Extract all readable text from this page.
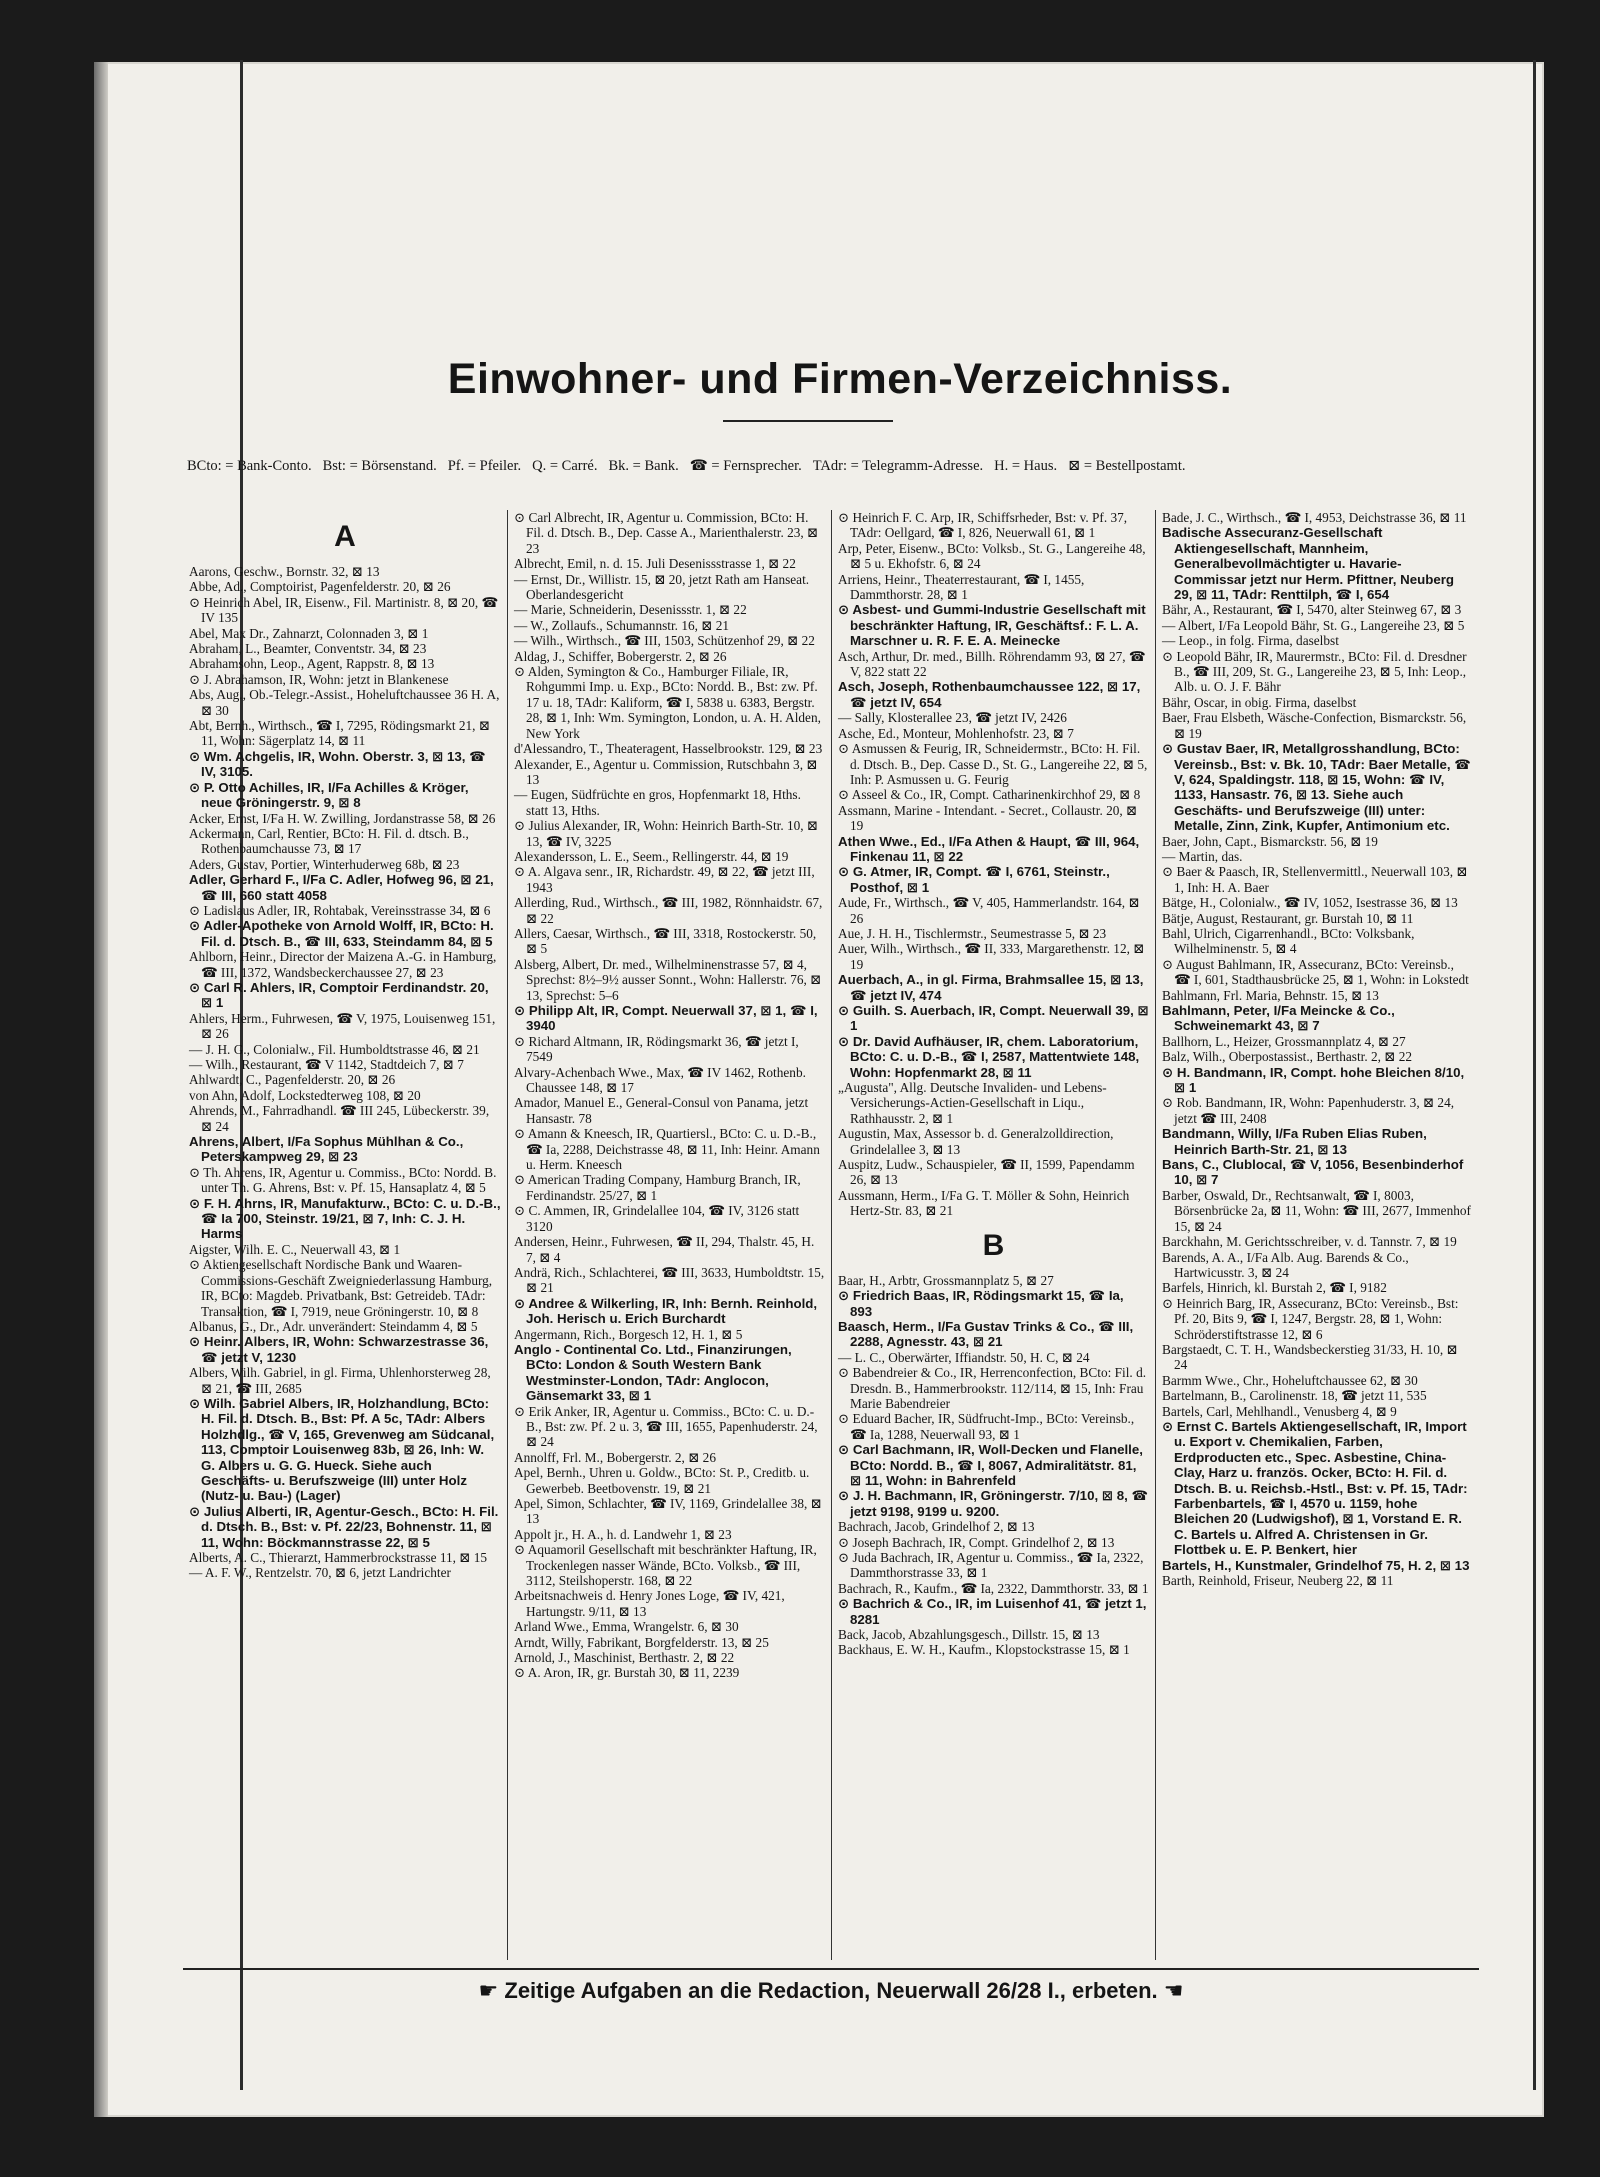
Einwohner- und Firmen-Verzeichniss.
BCto: = Bank-Conto. Bst: = Börsenstand. Pf. = Pfeiler. Q. = Carré. Bk. = Bank. ☎ = Fernsprecher. TAdr: = Telegramm-Adresse. H. = Haus. ⊠ = Bestellpostamt.
A

Aarons, Geschw., Bornstr. 32, ⊠ 13

Abbe, Ad., Comptoirist, Pagenfelderstr. 20, ⊠ 26

⊙ Heinrich Abel, IR, Eisenw., Fil. Martinistr. 8, ⊠ 20, ☎ IV 135

Abel, Max Dr., Zahnarzt, Colonnaden 3, ⊠ 1

Abraham, L., Beamter, Conventstr. 34, ⊠ 23

Abrahamsohn, Leop., Agent, Rappstr. 8, ⊠ 13

⊙ J. Abrahamson, IR, Wohn: jetzt in Blankenese

Abs, Aug., Ob.-Telegr.-Assist., Hoheluftchaussee 36 H. A, ⊠ 30

Abt, Bernh., Wirthsch., ☎ I, 7295, Rödingsmarkt 21, ⊠ 11, Wohn: Sägerplatz 14, ⊠ 11

⊙ Wm. Achgelis, IR, Wohn. Oberstr. 3, ⊠ 13, ☎ IV, 3105.

⊙ P. Otto Achilles, IR, I/Fa Achilles & Kröger, neue Gröningerstr. 9, ⊠ 8

Acker, Ernst, I/Fa H. W. Zwilling, Jordanstrasse 58, ⊠ 26

Ackermann, Carl, Rentier, BCto: H. Fil. d. dtsch. B., Rothenbaumchausse 73, ⊠ 17

Aders, Gustav, Portier, Winterhuderweg 68b, ⊠ 23

Adler, Gerhard F., I/Fa C. Adler, Hofweg 96, ⊠ 21, ☎ III, 660 statt 4058

⊙ Ladislaus Adler, IR, Rohtabak, Vereinsstrasse 34, ⊠ 6

⊙ Adler-Apotheke von Arnold Wolff, IR, BCto: H. Fil. d. Dtsch. B., ☎ III, 633, Steindamm 84, ⊠ 5

Ahlborn, Heinr., Director der Maizena A.-G. in Hamburg, ☎ III, 1372, Wandsbeckerchaussee 27, ⊠ 23

⊙ Carl R. Ahlers, IR, Comptoir Ferdinandstr. 20, ⊠ 1

Ahlers, Herm., Fuhrwesen, ☎ V, 1975, Louisenweg 151, ⊠ 26

— J. H. G., Colonialw., Fil. Humboldtstrasse 46, ⊠ 21

— Wilh., Restaurant, ☎ V 1142, Stadtdeich 7, ⊠ 7

Ahlwardt, C., Pagenfelderstr. 20, ⊠ 26

von Ahn, Adolf, Lockstedterweg 108, ⊠ 20

Ahrends, M., Fahrradhandl. ☎ III 245, Lübeckerstr. 39, ⊠ 24

Ahrens, Albert, I/Fa Sophus Mühlhan & Co., Peterskampweg 29, ⊠ 23

⊙ Th. Ahrens, IR, Agentur u. Commiss., BCto: Nordd. B. unter Th. G. Ahrens, Bst: v. Pf. 15, Hansaplatz 4, ⊠ 5

⊙ F. H. Ahrns, IR, Manufakturw., BCto: C. u. D.-B., ☎ Ia 700, Steinstr. 19/21, ⊠ 7, Inh: C. J. H. Harms

Aigster, Wilh. E. C., Neuerwall 43, ⊠ 1

⊙ Aktiengesellschaft Nordische Bank und Waaren-Commissions-Geschäft Zweigniederlassung Hamburg, IR, BCto: Magdeb. Privatbank, Bst: Getreideb. TAdr: Transaktion, ☎ I, 7919, neue Gröningerstr. 10, ⊠ 8

Albanus, G., Dr., Adr. unverändert: Steindamm 4, ⊠ 5

⊙ Heinr. Albers, IR, Wohn: Schwarzestrasse 36, ☎ jetzt V, 1230

Albers, Wilh. Gabriel, in gl. Firma, Uhlenhorsterweg 28, ⊠ 21, ☎ III, 2685

⊙ Wilh. Gabriel Albers, IR, Holzhandlung, BCto: H. Fil. d. Dtsch. B., Bst: Pf. A 5c, TAdr: Albers Holzhdlg., ☎ V, 165, Grevenweg am Südcanal, 113, Comptoir Louisenweg 83b, ⊠ 26, Inh: W. G. Albers u. G. G. Hueck. Siehe auch Geschäfts- u. Berufszweige (III) unter Holz (Nutz- u. Bau-) (Lager)

⊙ Julius Alberti, IR, Agentur-Gesch., BCto: H. Fil. d. Dtsch. B., Bst: v. Pf. 22/23, Bohnenstr. 11, ⊠ 11, Wohn: Böckmannstrasse 22, ⊠ 5

Alberts, A. C., Thierarzt, Hammerbrockstrasse 11, ⊠ 15

— A. F. W., Rentzelstr. 70, ⊠ 6, jetzt Landrichter

⊙ Carl Albrecht, IR, Agentur u. Commission, BCto: H. Fil. d. Dtsch. B., Dep. Casse A., Marienthalerstr. 23, ⊠ 23

Albrecht, Emil, n. d. 15. Juli Desenissstrasse 1, ⊠ 22

— Ernst, Dr., Willistr. 15, ⊠ 20, jetzt Rath am Hanseat. Oberlandesgericht

— Marie, Schneiderin, Desenissstr. 1, ⊠ 22

— W., Zollaufs., Schumannstr. 16, ⊠ 21

— Wilh., Wirthsch., ☎ III, 1503, Schützenhof 29, ⊠ 22

Aldag, J., Schiffer, Bobergerstr. 2, ⊠ 26

⊙ Alden, Symington & Co., Hamburger Filiale, IR, Rohgummi Imp. u. Exp., BCto: Nordd. B., Bst: zw. Pf. 17 u. 18, TAdr: Kaliform, ☎ I, 5838 u. 6383, Bergstr. 28, ⊠ 1, Inh: Wm. Symington, London, u. A. H. Alden, New York

d'Alessandro, T., Theateragent, Hasselbrookstr. 129, ⊠ 23

Alexander, E., Agentur u. Commission, Rutschbahn 3, ⊠ 13

— Eugen, Südfrüchte en gros, Hopfenmarkt 18, Hths. statt 13, Hths.

⊙ Julius Alexander, IR, Wohn: Heinrich Barth-Str. 10, ⊠ 13, ☎ IV, 3225

Alexandersson, L. E., Seem., Rellingerstr. 44, ⊠ 19

⊙ A. Algava senr., IR, Richardstr. 49, ⊠ 22, ☎ jetzt III, 1943

Allerding, Rud., Wirthsch., ☎ III, 1982, Rönnhaidstr. 67, ⊠ 22

Allers, Caesar, Wirthsch., ☎ III, 3318, Rostockerstr. 50, ⊠ 5

Alsberg, Albert, Dr. med., Wilhelminenstrasse 57, ⊠ 4, Sprechst: 8½–9½ ausser Sonnt., Wohn: Hallerstr. 76, ⊠ 13, Sprechst: 5–6

⊙ Philipp Alt, IR, Compt. Neuerwall 37, ⊠ 1, ☎ I, 3940

⊙ Richard Altmann, IR, Rödingsmarkt 36, ☎ jetzt I, 7549

Alvary-Achenbach Wwe., Max, ☎ IV 1462, Rothenb. Chaussee 148, ⊠ 17

Amador, Manuel E., General-Consul von Panama, jetzt Hansastr. 78

⊙ Amann & Kneesch, IR, Quartiersl., BCto: C. u. D.-B., ☎ Ia, 2288, Deichstrasse 48, ⊠ 11, Inh: Heinr. Amann u. Herm. Kneesch

⊙ American Trading Company, Hamburg Branch, IR, Ferdinandstr. 25/27, ⊠ 1

⊙ C. Ammen, IR, Grindelallee 104, ☎ IV, 3126 statt 3120

Andersen, Heinr., Fuhrwesen, ☎ II, 294, Thalstr. 45, H. 7, ⊠ 4

Andrä, Rich., Schlachterei, ☎ III, 3633, Humboldtstr. 15, ⊠ 21

⊙ Andree & Wilkerling, IR, Inh: Bernh. Reinhold, Joh. Herisch u. Erich Burchardt

Angermann, Rich., Borgesch 12, H. 1, ⊠ 5

Anglo - Continental Co. Ltd., Finanzirungen, BCto: London & South Western Bank Westminster-London, TAdr: Anglocon, Gänsemarkt 33, ⊠ 1

⊙ Erik Anker, IR, Agentur u. Commiss., BCto: C. u. D.-B., Bst: zw. Pf. 2 u. 3, ☎ III, 1655, Papenhuderstr. 24, ⊠ 24

Annolff, Frl. M., Bobergerstr. 2, ⊠ 26

Apel, Bernh., Uhren u. Goldw., BCto: St. P., Creditb. u. Gewerbeb. Beetbovenstr. 19, ⊠ 21

Apel, Simon, Schlachter, ☎ IV, 1169, Grindelallee 38, ⊠ 13

Appolt jr., H. A., h. d. Landwehr 1, ⊠ 23

⊙ Aquamoril Gesellschaft mit beschränkter Haftung, IR, Trockenlegen nasser Wände, BCto. Volksb., ☎ III, 3112, Steilshoperstr. 168, ⊠ 22

Arbeitsnachweis d. Henry Jones Loge, ☎ IV, 421, Hartungstr. 9/11, ⊠ 13

Arland Wwe., Emma, Wrangelstr. 6, ⊠ 30

Arndt, Willy, Fabrikant, Borgfelderstr. 13, ⊠ 25

Arnold, J., Maschinist, Berthastr. 2, ⊠ 22

⊙ A. Aron, IR, gr. Burstah 30, ⊠ 11, 2239

⊙ Heinrich F. C. Arp, IR, Schiffsrheder, Bst: v. Pf. 37, TAdr: Oellgard, ☎ I, 826, Neuerwall 61, ⊠ 1

Arp, Peter, Eisenw., BCto: Volksb., St. G., Langereihe 48, ⊠ 5 u. Ekhofstr. 6, ⊠ 24

Arriens, Heinr., Theaterrestaurant, ☎ I, 1455, Dammthorstr. 28, ⊠ 1

⊙ Asbest- und Gummi-Industrie Gesellschaft mit beschränkter Haftung, IR, Geschäftsf.: F. L. A. Marschner u. R. F. E. A. Meinecke

Asch, Arthur, Dr. med., Billh. Röhrendamm 93, ⊠ 27, ☎ V, 822 statt 22

Asch, Joseph, Rothenbaumchaussee 122, ⊠ 17, ☎ jetzt IV, 654

— Sally, Klosterallee 23, ☎ jetzt IV, 2426

Asche, Ed., Monteur, Mohlenhofstr. 23, ⊠ 7

⊙ Asmussen & Feurig, IR, Schneidermstr., BCto: H. Fil. d. Dtsch. B., Dep. Casse D., St. G., Langereihe 22, ⊠ 5, Inh: P. Asmussen u. G. Feurig

⊙ Asseel & Co., IR, Compt. Catharinenkirchhof 29, ⊠ 8

Assmann, Marine - Intendant. - Secret., Collaustr. 20, ⊠ 19

Athen Wwe., Ed., I/Fa Athen & Haupt, ☎ III, 964, Finkenau 11, ⊠ 22

⊙ G. Atmer, IR, Compt. ☎ I, 6761, Steinstr., Posthof, ⊠ 1

Aude, Fr., Wirthsch., ☎ V, 405, Hammerlandstr. 164, ⊠ 26

Aue, J. H. H., Tischlermstr., Seumestrasse 5, ⊠ 23

Auer, Wilh., Wirthsch., ☎ II, 333, Margarethenstr. 12, ⊠ 19

Auerbach, A., in gl. Firma, Brahmsallee 15, ⊠ 13, ☎ jetzt IV, 474

⊙ Guilh. S. Auerbach, IR, Compt. Neuerwall 39, ⊠ 1

⊙ Dr. David Aufhäuser, IR, chem. Laboratorium, BCto: C. u. D.-B., ☎ I, 2587, Mattentwiete 148, Wohn: Hopfenmarkt 28, ⊠ 11

„Augusta", Allg. Deutsche Invaliden- und Lebens-Versicherungs-Actien-Gesellschaft in Liqu., Rathhausstr. 2, ⊠ 1

Augustin, Max, Assessor b. d. Generalzolldirection, Grindelallee 3, ⊠ 13

Auspitz, Ludw., Schauspieler, ☎ II, 1599, Papendamm 26, ⊠ 13

Aussmann, Herm., I/Fa G. T. Möller & Sohn, Heinrich Hertz-Str. 83, ⊠ 21

B

Baar, H., Arbtr, Grossmannplatz 5, ⊠ 27

⊙ Friedrich Baas, IR, Rödingsmarkt 15, ☎ Ia, 893

Baasch, Herm., I/Fa Gustav Trinks & Co., ☎ III, 2288, Agnesstr. 43, ⊠ 21

— L. C., Oberwärter, Iffiandstr. 50, H. C, ⊠ 24

⊙ Babendreier & Co., IR, Herrenconfection, BCto: Fil. d. Dresdn. B., Hammerbrookstr. 112/114, ⊠ 15, Inh: Frau Marie Babendreier

⊙ Eduard Bacher, IR, Südfrucht-Imp., BCto: Vereinsb., ☎ Ia, 1288, Neuerwall 93, ⊠ 1

⊙ Carl Bachmann, IR, Woll-Decken und Flanelle, BCto: Nordd. B., ☎ I, 8067, Admiralitätstr. 81, ⊠ 11, Wohn: in Bahrenfeld

⊙ J. H. Bachmann, IR, Gröningerstr. 7/10, ⊠ 8, ☎ jetzt 9198, 9199 u. 9200.

Bachrach, Jacob, Grindelhof 2, ⊠ 13

⊙ Joseph Bachrach, IR, Compt. Grindelhof 2, ⊠ 13

⊙ Juda Bachrach, IR, Agentur u. Commiss., ☎ Ia, 2322, Dammthorstrasse 33, ⊠ 1

Bachrach, R., Kaufm., ☎ Ia, 2322, Dammthorstr. 33, ⊠ 1

⊙ Bachrich & Co., IR, im Luisenhof 41, ☎ jetzt 1, 8281

Back, Jacob, Abzahlungsgesch., Dillstr. 15, ⊠ 13

Backhaus, E. W. H., Kaufm., Klopstockstrasse 15, ⊠ 1

Bade, J. C., Wirthsch., ☎ I, 4953, Deichstrasse 36, ⊠ 11

Badische Assecuranz-Gesellschaft Aktiengesellschaft, Mannheim, Generalbevollmächtigter u. Havarie-Commissar jetzt nur Herm. Pfittner, Neuberg 29, ⊠ 11, TAdr: Renttilph, ☎ I, 654

Bähr, A., Restaurant, ☎ I, 5470, alter Steinweg 67, ⊠ 3

— Albert, I/Fa Leopold Bähr, St. G., Langereihe 23, ⊠ 5

— Leop., in folg. Firma, daselbst

⊙ Leopold Bähr, IR, Maurermstr., BCto: Fil. d. Dresdner B., ☎ III, 209, St. G., Langereihe 23, ⊠ 5, Inh: Leop., Alb. u. O. J. F. Bähr

Bähr, Oscar, in obig. Firma, daselbst

Baer, Frau Elsbeth, Wäsche-Confection, Bismarckstr. 56, ⊠ 19

⊙ Gustav Baer, IR, Metallgrosshandlung, BCto: Vereinsb., Bst: v. Bk. 10, TAdr: Baer Metalle, ☎ V, 624, Spaldingstr. 118, ⊠ 15, Wohn: ☎ IV, 1133, Hansastr. 76, ⊠ 13. Siehe auch Geschäfts- und Berufszweige (III) unter: Metalle, Zinn, Zink, Kupfer, Antimonium etc.

Baer, John, Capt., Bismarckstr. 56, ⊠ 19

— Martin, das.

⊙ Baer & Paasch, IR, Stellenvermittl., Neuerwall 103, ⊠ 1, Inh: H. A. Baer

Bätge, H., Colonialw., ☎ IV, 1052, Isestrasse 36, ⊠ 13

Bätje, August, Restaurant, gr. Burstah 10, ⊠ 11

Bahl, Ulrich, Cigarrenhandl., BCto: Volksbank, Wilhelminenstr. 5, ⊠ 4

⊙ August Bahlmann, IR, Assecuranz, BCto: Vereinsb., ☎ I, 601, Stadthausbrücke 25, ⊠ 1, Wohn: in Lokstedt

Bahlmann, Frl. Maria, Behnstr. 15, ⊠ 13

Bahlmann, Peter, I/Fa Meincke & Co., Schweinemarkt 43, ⊠ 7

Ballhorn, L., Heizer, Grossmannplatz 4, ⊠ 27

Balz, Wilh., Oberpostassist., Berthastr. 2, ⊠ 22

⊙ H. Bandmann, IR, Compt. hohe Bleichen 8/10, ⊠ 1

⊙ Rob. Bandmann, IR, Wohn: Papenhuderstr. 3, ⊠ 24, jetzt ☎ III, 2408

Bandmann, Willy, I/Fa Ruben Elias Ruben, Heinrich Barth-Str. 21, ⊠ 13

Bans, C., Clublocal, ☎ V, 1056, Besenbinderhof 10, ⊠ 7

Barber, Oswald, Dr., Rechtsanwalt, ☎ I, 8003, Börsenbrücke 2a, ⊠ 11, Wohn: ☎ III, 2677, Immenhof 15, ⊠ 24

Barckhahn, M. Gerichtsschreiber, v. d. Tannstr. 7, ⊠ 19

Barends, A. A., I/Fa Alb. Aug. Barends & Co., Hartwicusstr. 3, ⊠ 24

Barfels, Hinrich, kl. Burstah 2, ☎ I, 9182

⊙ Heinrich Barg, IR, Assecuranz, BCto: Vereinsb., Bst: Pf. 20, Bits 9, ☎ I, 1247, Bergstr. 28, ⊠ 1, Wohn: Schröderstiftstrasse 12, ⊠ 6

Bargstaedt, C. T. H., Wandsbeckerstieg 31/33, H. 10, ⊠ 24

Barmm Wwe., Chr., Hoheluftchaussee 62, ⊠ 30

Bartelmann, B., Carolinenstr. 18, ☎ jetzt 11, 535

Bartels, Carl, Mehlhandl., Venusberg 4, ⊠ 9

⊙ Ernst C. Bartels Aktiengesellschaft, IR, Import u. Export v. Chemikalien, Farben, Erdproducten etc., Spec. Asbestine, China-Clay, Harz u. französ. Ocker, BCto: H. Fil. d. Dtsch. B. u. Reichsb.-Hstl., Bst: v. Pf. 15, TAdr: Farbenbartels, ☎ I, 4570 u. 1159, hohe Bleichen 20 (Ludwigshof), ⊠ 1, Vorstand E. R. C. Bartels u. Alfred A. Christensen in Gr. Flottbek u. E. P. Benkert, hier

Bartels, H., Kunstmaler, Grindelhof 75, H. 2, ⊠ 13

Barth, Reinhold, Friseur, Neuberg 22, ⊠ 11

☛ Zeitige Aufgaben an die Redaction, Neuerwall 26/28 I., erbeten. ☚
